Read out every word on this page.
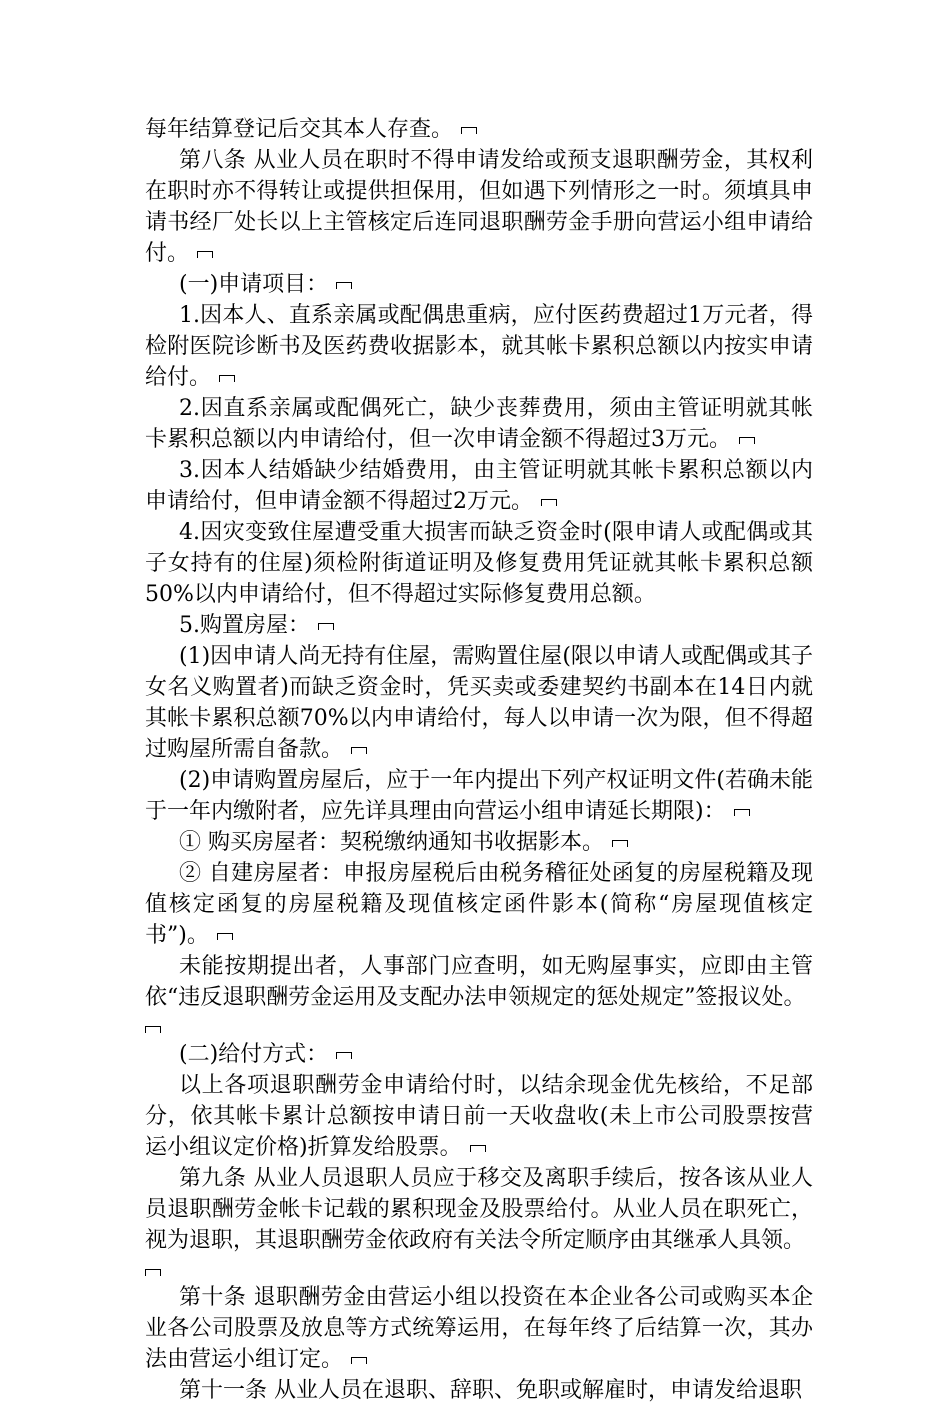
每年结算登记后交其本人存查。

第八条 从业人员在职时不得申请发给或预支退职酬劳金，其权利在职时亦不得转让或提供担保用，但如遇下列情形之一时。须填具申请书经厂处长以上主管核定后连同退职酬劳金手册向营运小组申请给付。

(一)申请项目：

1.因本人、直系亲属或配偶患重病，应付医药费超过1万元者，得检附医院诊断书及医药费收据影本，就其帐卡累积总额以内按实申请给付。

2.因直系亲属或配偶死亡，缺少丧葬费用，须由主管证明就其帐卡累积总额以内申请给付，但一次申请金额不得超过3万元。

3.因本人结婚缺少结婚费用，由主管证明就其帐卡累积总额以内申请给付，但申请金额不得超过2万元。

4.因灾变致住屋遭受重大损害而缺乏资金时(限申请人或配偶或其子女持有的住屋)须检附街道证明及修复费用凭证就其帐卡累积总额50%以内申请给付，但不得超过实际修复费用总额。

5.购置房屋：

(1)因申请人尚无持有住屋，需购置住屋(限以申请人或配偶或其子女名义购置者)而缺乏资金时，凭买卖或委建契约书副本在14日内就其帐卡累积总额70%以内申请给付，每人以申请一次为限，但不得超过购屋所需自备款。

(2)申请购置房屋后，应于一年内提出下列产权证明文件(若确未能于一年内缴附者，应先详具理由向营运小组申请延长期限)：

① 购买房屋者：契税缴纳通知书收据影本。

② 自建房屋者：申报房屋税后由税务稽征处函复的房屋税籍及现值核定函复的房屋税籍及现值核定函件影本(简称“房屋现值核定书”)。

未能按期提出者，人事部门应查明，如无购屋事实，应即由主管依“违反退职酬劳金运用及支配办法申领规定的惩处规定”签报议处。

(二)给付方式：

以上各项退职酬劳金申请给付时，以结余现金优先核给，不足部分，依其帐卡累计总额按申请日前一天收盘收(未上市公司股票按营运小组议定价格)折算发给股票。

第九条 从业人员退职人员应于移交及离职手续后，按各该从业人员退职酬劳金帐卡记载的累积现金及股票给付。从业人员在职死亡，视为退职，其退职酬劳金依政府有关法令所定顺序由其继承人具领。

第十条 退职酬劳金由营运小组以投资在本企业各公司或购买本企业各公司股票及放息等方式统筹运用，在每年终了后结算一次，其办法由营运小组订定。

第十一条 从业人员在退职、辞职、免职或解雇时，申请发给退职
